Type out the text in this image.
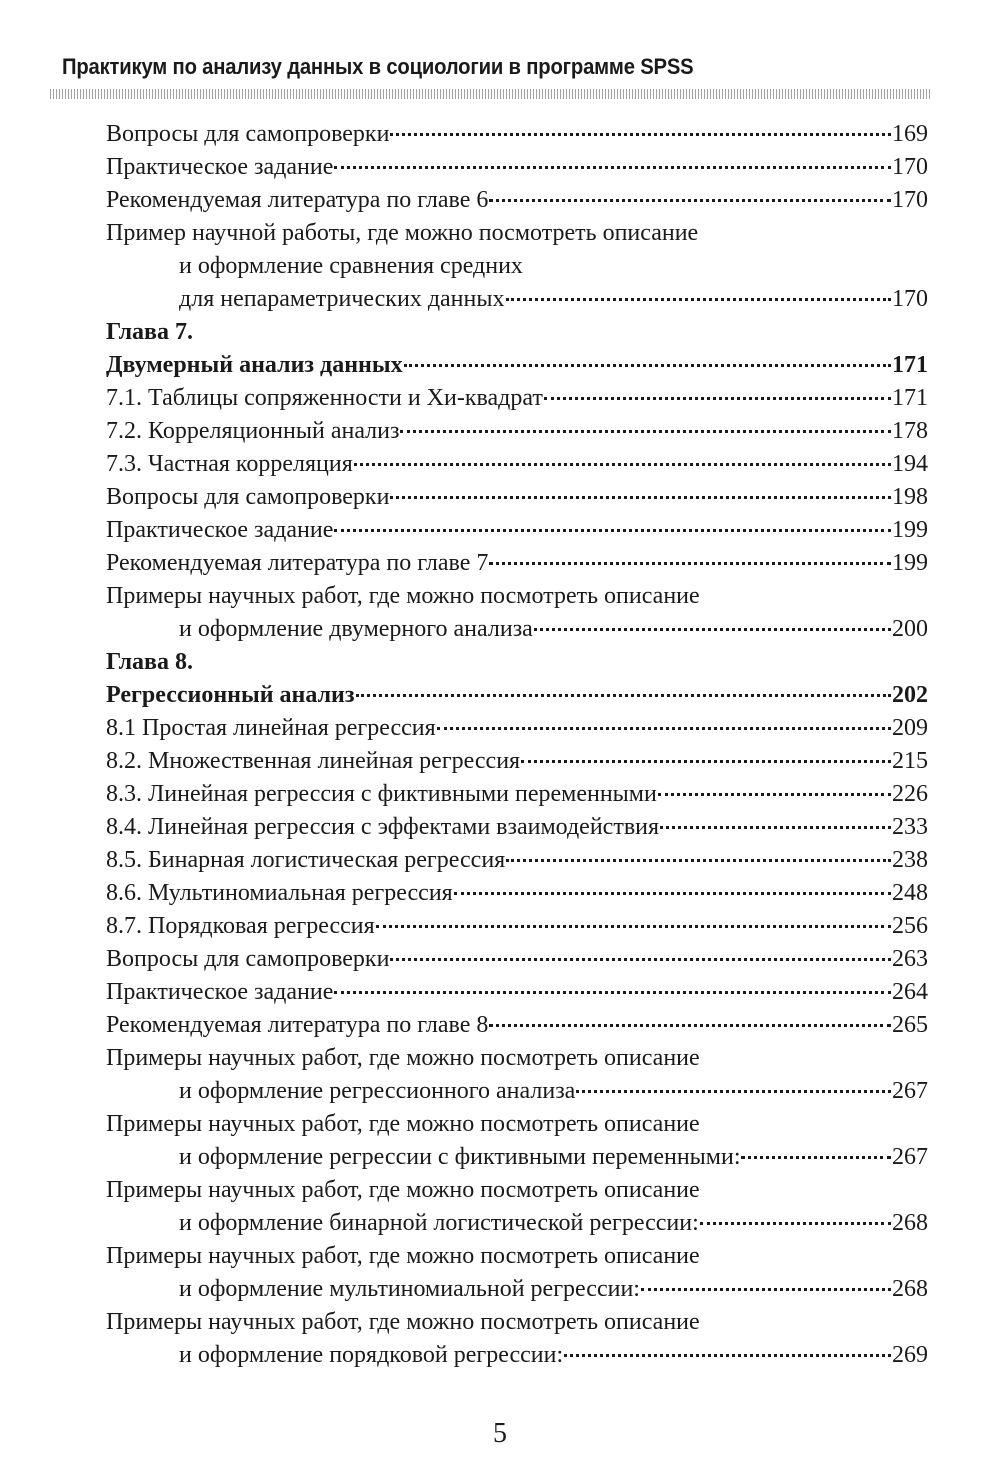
Практикум по анализу данных в социологии в программе SPSS
Вопросы для самопроверки	169
Практическое задание	170
Рекомендуемая литература по главе 6	170
Пример научной работы, где можно посмотреть описание
и оформление сравнения средних
для непараметрических данных	170
Глава 7.
Двумерный анализ данных	171
7.1. Таблицы сопряженности и Хи-квадрат	171
7.2. Корреляционный анализ	178
7.3. Частная корреляция	194
Вопросы для самопроверки	198
Практическое задание	199
Рекомендуемая литература по главе 7	199
Примеры научных работ, где можно посмотреть описание
и оформление двумерного анализа	200
Глава 8.
Регрессионный анализ	202
8.1 Простая линейная регрессия	209
8.2. Множественная линейная регрессия	215
8.3. Линейная регрессия с фиктивными переменными	226
8.4. Линейная регрессия с эффектами взаимодействия	233
8.5. Бинарная логистическая регрессия	238
8.6. Мультиномиальная регрессия	248
8.7. Порядковая регрессия	256
Вопросы для самопроверки	263
Практическое задание	264
Рекомендуемая литература по главе 8	265
Примеры научных работ, где можно посмотреть описание
и оформление регрессионного анализа	267
Примеры научных работ, где можно посмотреть описание
и оформление регрессии с фиктивными переменными:	267
Примеры научных работ, где можно посмотреть описание
и оформление бинарной логистической регрессии:	268
Примеры научных работ, где можно посмотреть описание
и оформление мультиномиальной регрессии:	268
Примеры научных работ, где можно посмотреть описание
и оформление порядковой регрессии:	269
5
